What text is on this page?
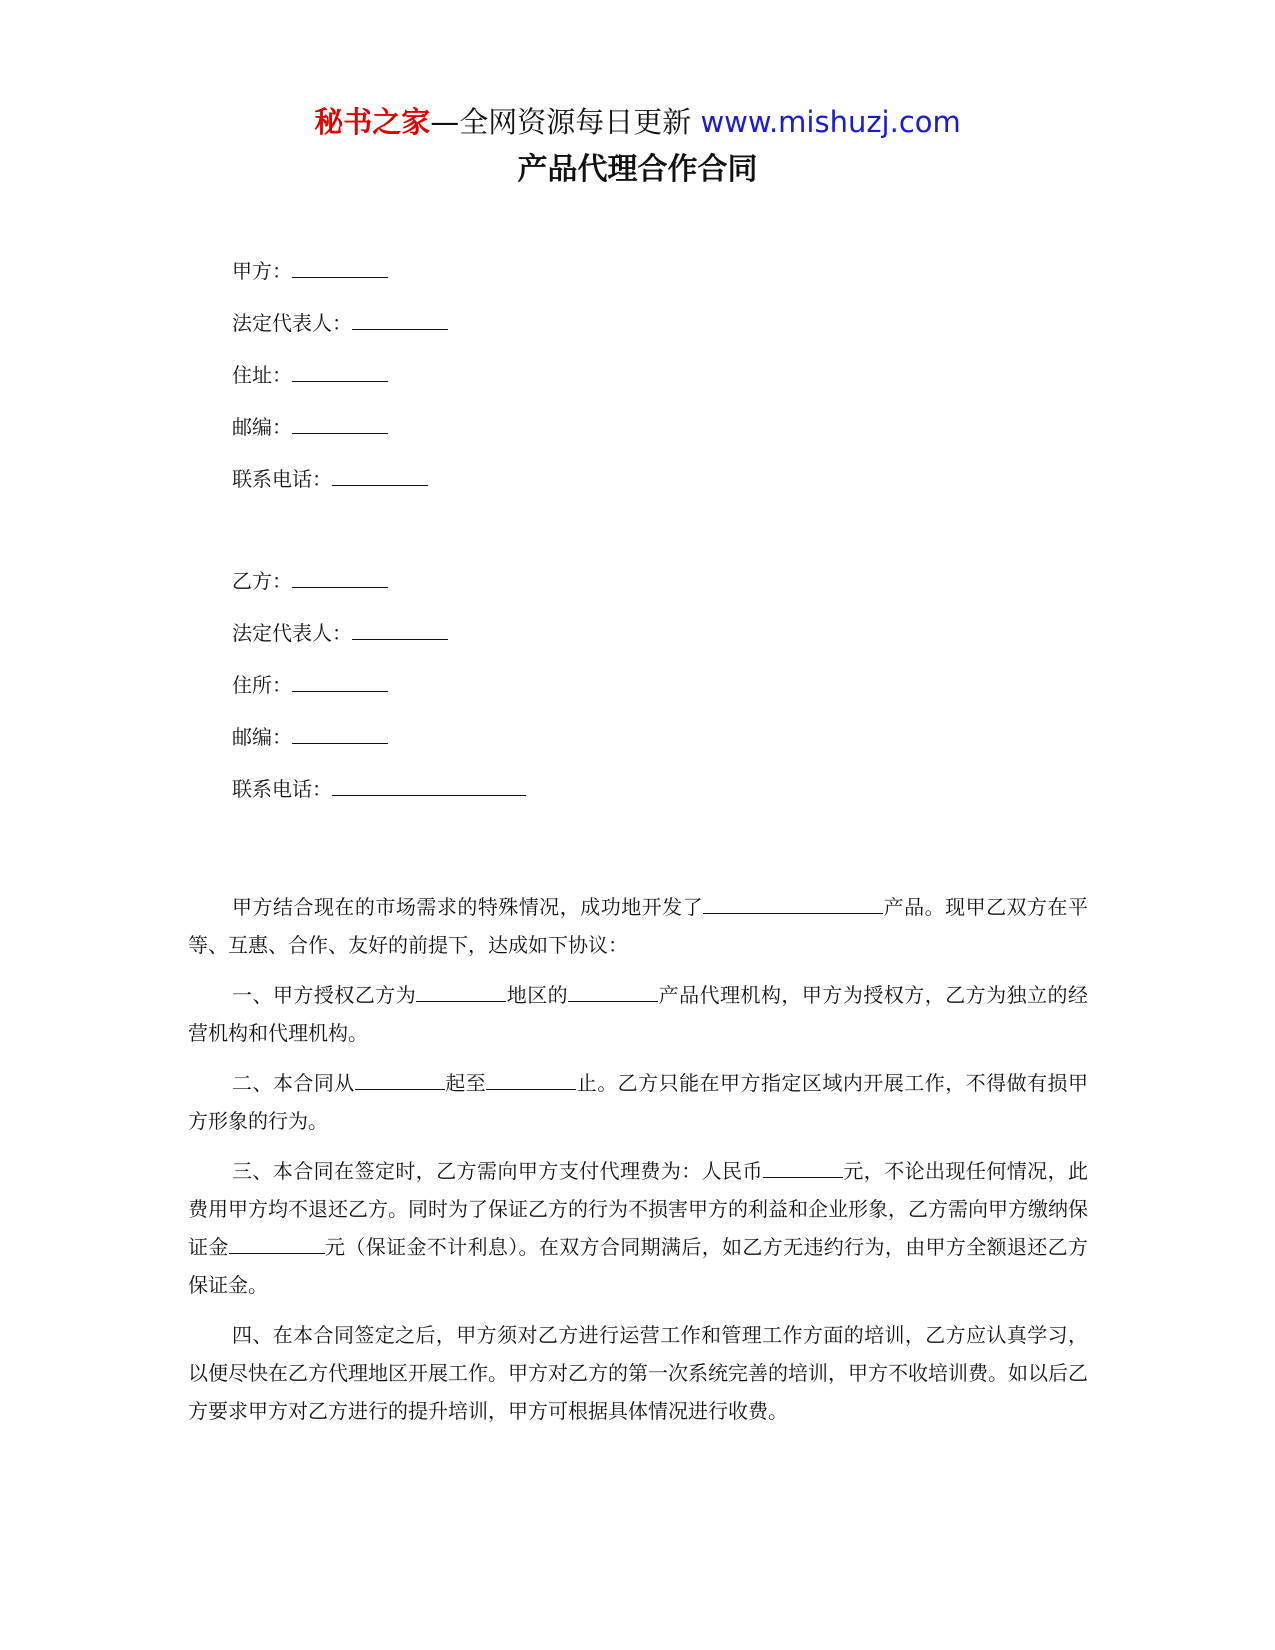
秘书之家—全网资源每日更新 www.mishuzj.com
产品代理合作合同
甲方：
法定代表人：
住址：
邮编：
联系电话：
乙方：
法定代表人：
住所：
邮编：
联系电话：

甲方结合现在的市场需求的特殊情况，成功地开发了	产品。现甲乙双方在平等、互惠、合作、友好的前提下，达成如下协议：

一、甲方授权乙方为	地区的	产品代理机构，甲方为授权方，乙方为独立的经营机构和代理机构。

二、本合同从	起至	止。乙方只能在甲方指定区域内开展工作，不得做有损甲方形象的行为。

三、本合同在签定时，乙方需向甲方支付代理费为：人民币	元，不论出现任何情况，此费用甲方均不退还乙方。同时为了保证乙方的行为不损害甲方的利益和企业形象，乙方需向甲方缴纳保证金	元（保证金不计利息）。在双方合同期满后，如乙方无违约行为，由甲方全额退还乙方保证金。

四、在本合同签定之后，甲方须对乙方进行运营工作和管理工作方面的培训，乙方应认真学习，以便尽快在乙方代理地区开展工作。甲方对乙方的第一次系统完善的培训，甲方不收培训费。如以后乙方要求甲方对乙方进行的提升培训，甲方可根据具体情况进行收费。
